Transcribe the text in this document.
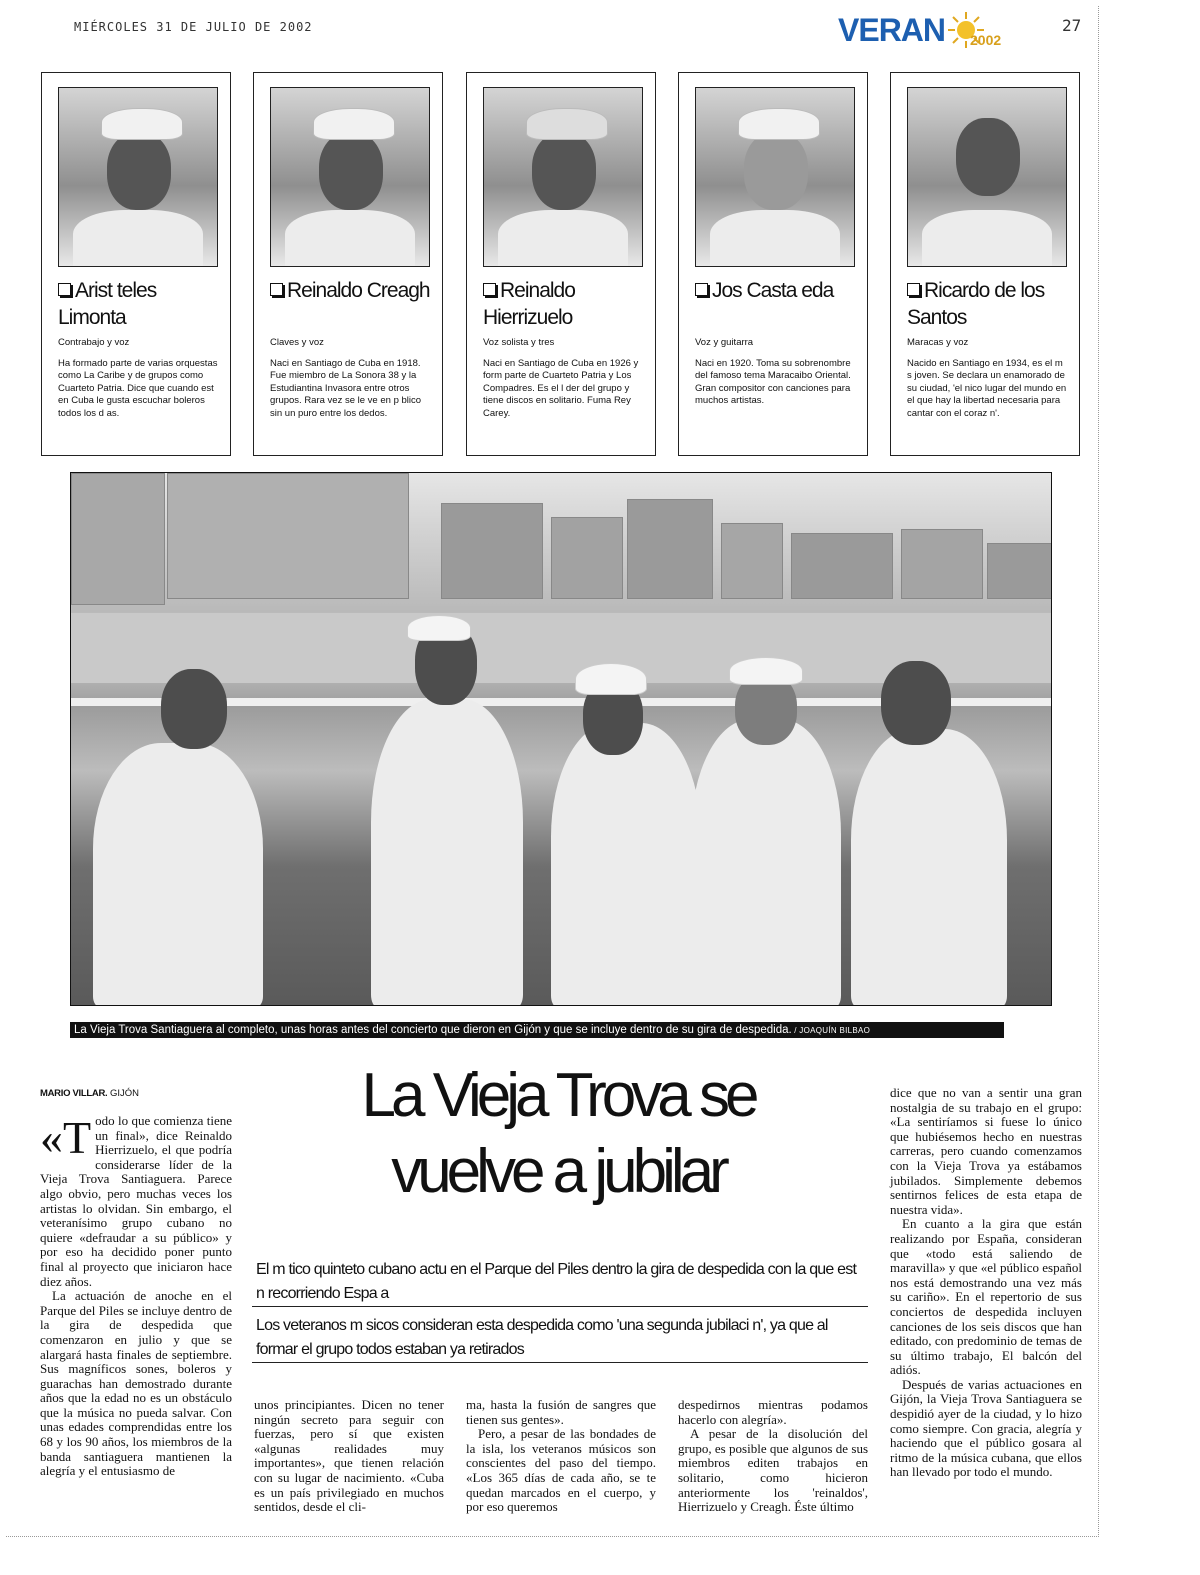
MIÉRCOLES 31 DE JULIO DE 2002	VERAN 2002
27
Arist teles Limonta
Contrabajo y voz
Ha formado parte de varias orquestas como La Caribe y de grupos como Cuarteto Patria. Dice que cuando est en Cuba le gusta escuchar boleros todos los d as.
Reinaldo Creagh
Claves y voz
Naci en Santiago de Cuba en 1918. Fue miembro de La Sonora 38 y la Estudiantina Invasora entre otros grupos. Rara vez se le ve en p blico sin un puro entre los dedos.
Reinaldo Hierrizuelo
Voz solista y tres
Naci en Santiago de Cuba en 1926 y form parte de Cuarteto Patria y Los Compadres. Es el l der del grupo y tiene discos en solitario. Fuma Rey Carey.
Jos Casta eda
Voz y guitarra
Naci en 1920. Toma su sobrenombre del famoso tema Maracaibo Oriental. Gran compositor con canciones para muchos artistas.
Ricardo de los Santos
Maracas y voz
Nacido en Santiago en 1934, es el m s joven. Se declara un enamorado de su ciudad, 'el nico lugar del mundo en el que hay la libertad necesaria para cantar con el coraz n'.
La Vieja Trova Santiaguera al completo, unas horas antes del concierto que dieron en Gijón y que se incluye dentro de su gira de despedida. / JOAQUÍN BILBAO
MARIO VILLAR. GIJÓN	La Vieja Trova se
vuelve a jubilar
El m tico quinteto cubano actu en el Parque del Piles dentro la gira de despedida con la que est n recorriendo Espa a
Los veteranos m sicos consideran esta despedida como 'una segunda jubilaci n', ya que al formar el grupo todos estaban ya retirados
«T odo lo que comienza tiene un final», dice Reinaldo Hierrizuelo, el que podría considerarse líder de la Vieja Trova Santiaguera. Parece algo obvio, pero muchas veces los artistas lo olvidan. Sin embargo, el veteranísimo grupo cubano no quiere «defraudar a su público» y por eso ha decidido poner punto final al proyecto que iniciaron hace diez años.

La actuación de anoche en el Parque del Piles se incluye dentro de la gira de despedida que comenzaron en julio y que se alargará hasta finales de septiembre. Sus magníficos sones, boleros y guarachas han demostrado durante años que la edad no es un obstáculo que la música no pueda salvar. Con unas edades comprendidas entre los 68 y los 90 años, los miembros de la banda santiaguera mantienen la alegría y el entusiasmo de

unos principiantes. Dicen no tener ningún secreto para seguir con fuerzas, pero sí que existen «algunas realidades muy importantes», que tienen relación con su lugar de nacimiento. «Cuba es un país privilegiado en muchos sentidos, desde el cli-

ma, hasta la fusión de sangres que tienen sus gentes».

Pero, a pesar de las bondades de la isla, los veteranos músicos son conscientes del paso del tiempo. «Los 365 días de cada año, se te quedan marcados en el cuerpo, y por eso queremos

despedirnos mientras podamos hacerlo con alegría».

A pesar de la disolución del grupo, es posible que algunos de sus miembros editen trabajos en solitario, como hicieron anteriormente los 'reinaldos', Hierrizuelo y Creagh. Éste último

dice que no van a sentir una gran nostalgia de su trabajo en el grupo: «La sentiríamos si fuese lo único que hubiésemos hecho en nuestras carreras, pero cuando comenzamos con la Vieja Trova ya estábamos jubilados. Simplemente debemos sentirnos felices de esta etapa de nuestra vida».

En cuanto a la gira que están realizando por España, consideran que «todo está saliendo de maravilla» y que «el público español nos está demostrando una vez más su cariño». En el repertorio de sus conciertos de despedida incluyen canciones de los seis discos que han editado, con predominio de temas de su último trabajo, El balcón del adiós.

Después de varias actuaciones en Gijón, la Vieja Trova Santiaguera se despidió ayer de la ciudad, y lo hizo como siempre. Con gracia, alegría y haciendo que el público gosara al ritmo de la música cubana, que ellos han llevado por todo el mundo.
